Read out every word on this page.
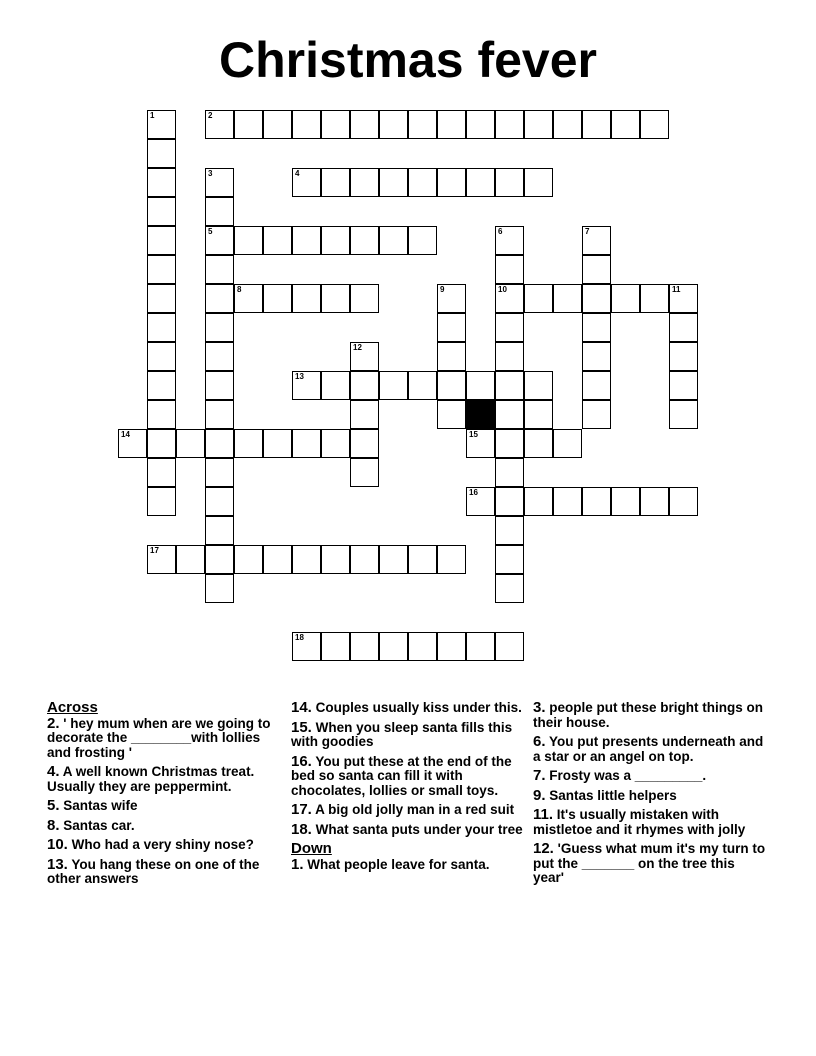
Christmas fever
1	2
3	4
5	6	7
8	9	10	11
12
13
14	15
16
17
18
Across
2. ' hey mum when are we going to decorate the ________with lollies and frosting '
4. A well known Christmas treat. Usually they are peppermint.
5. Santas wife
8. Santas car.
10. Who had a very shiny nose?
13. You hang these on one of the other answers
14. Couples usually kiss under this.
15. When you sleep santa fills this with goodies
16. You put these at the end of the bed so santa can fill it with chocolates, lollies or small toys.
17. A big old jolly man in a red suit
18. What santa puts under your tree
Down
1. What people leave for santa.
3. people put these bright things on their house.
6. You put presents underneath and a star or an angel on top.
7. Frosty was a _________.
9. Santas little helpers
11. It's usually mistaken with mistletoe and it rhymes with jolly
12. 'Guess what mum it's my turn to put the _______ on the tree this year'
